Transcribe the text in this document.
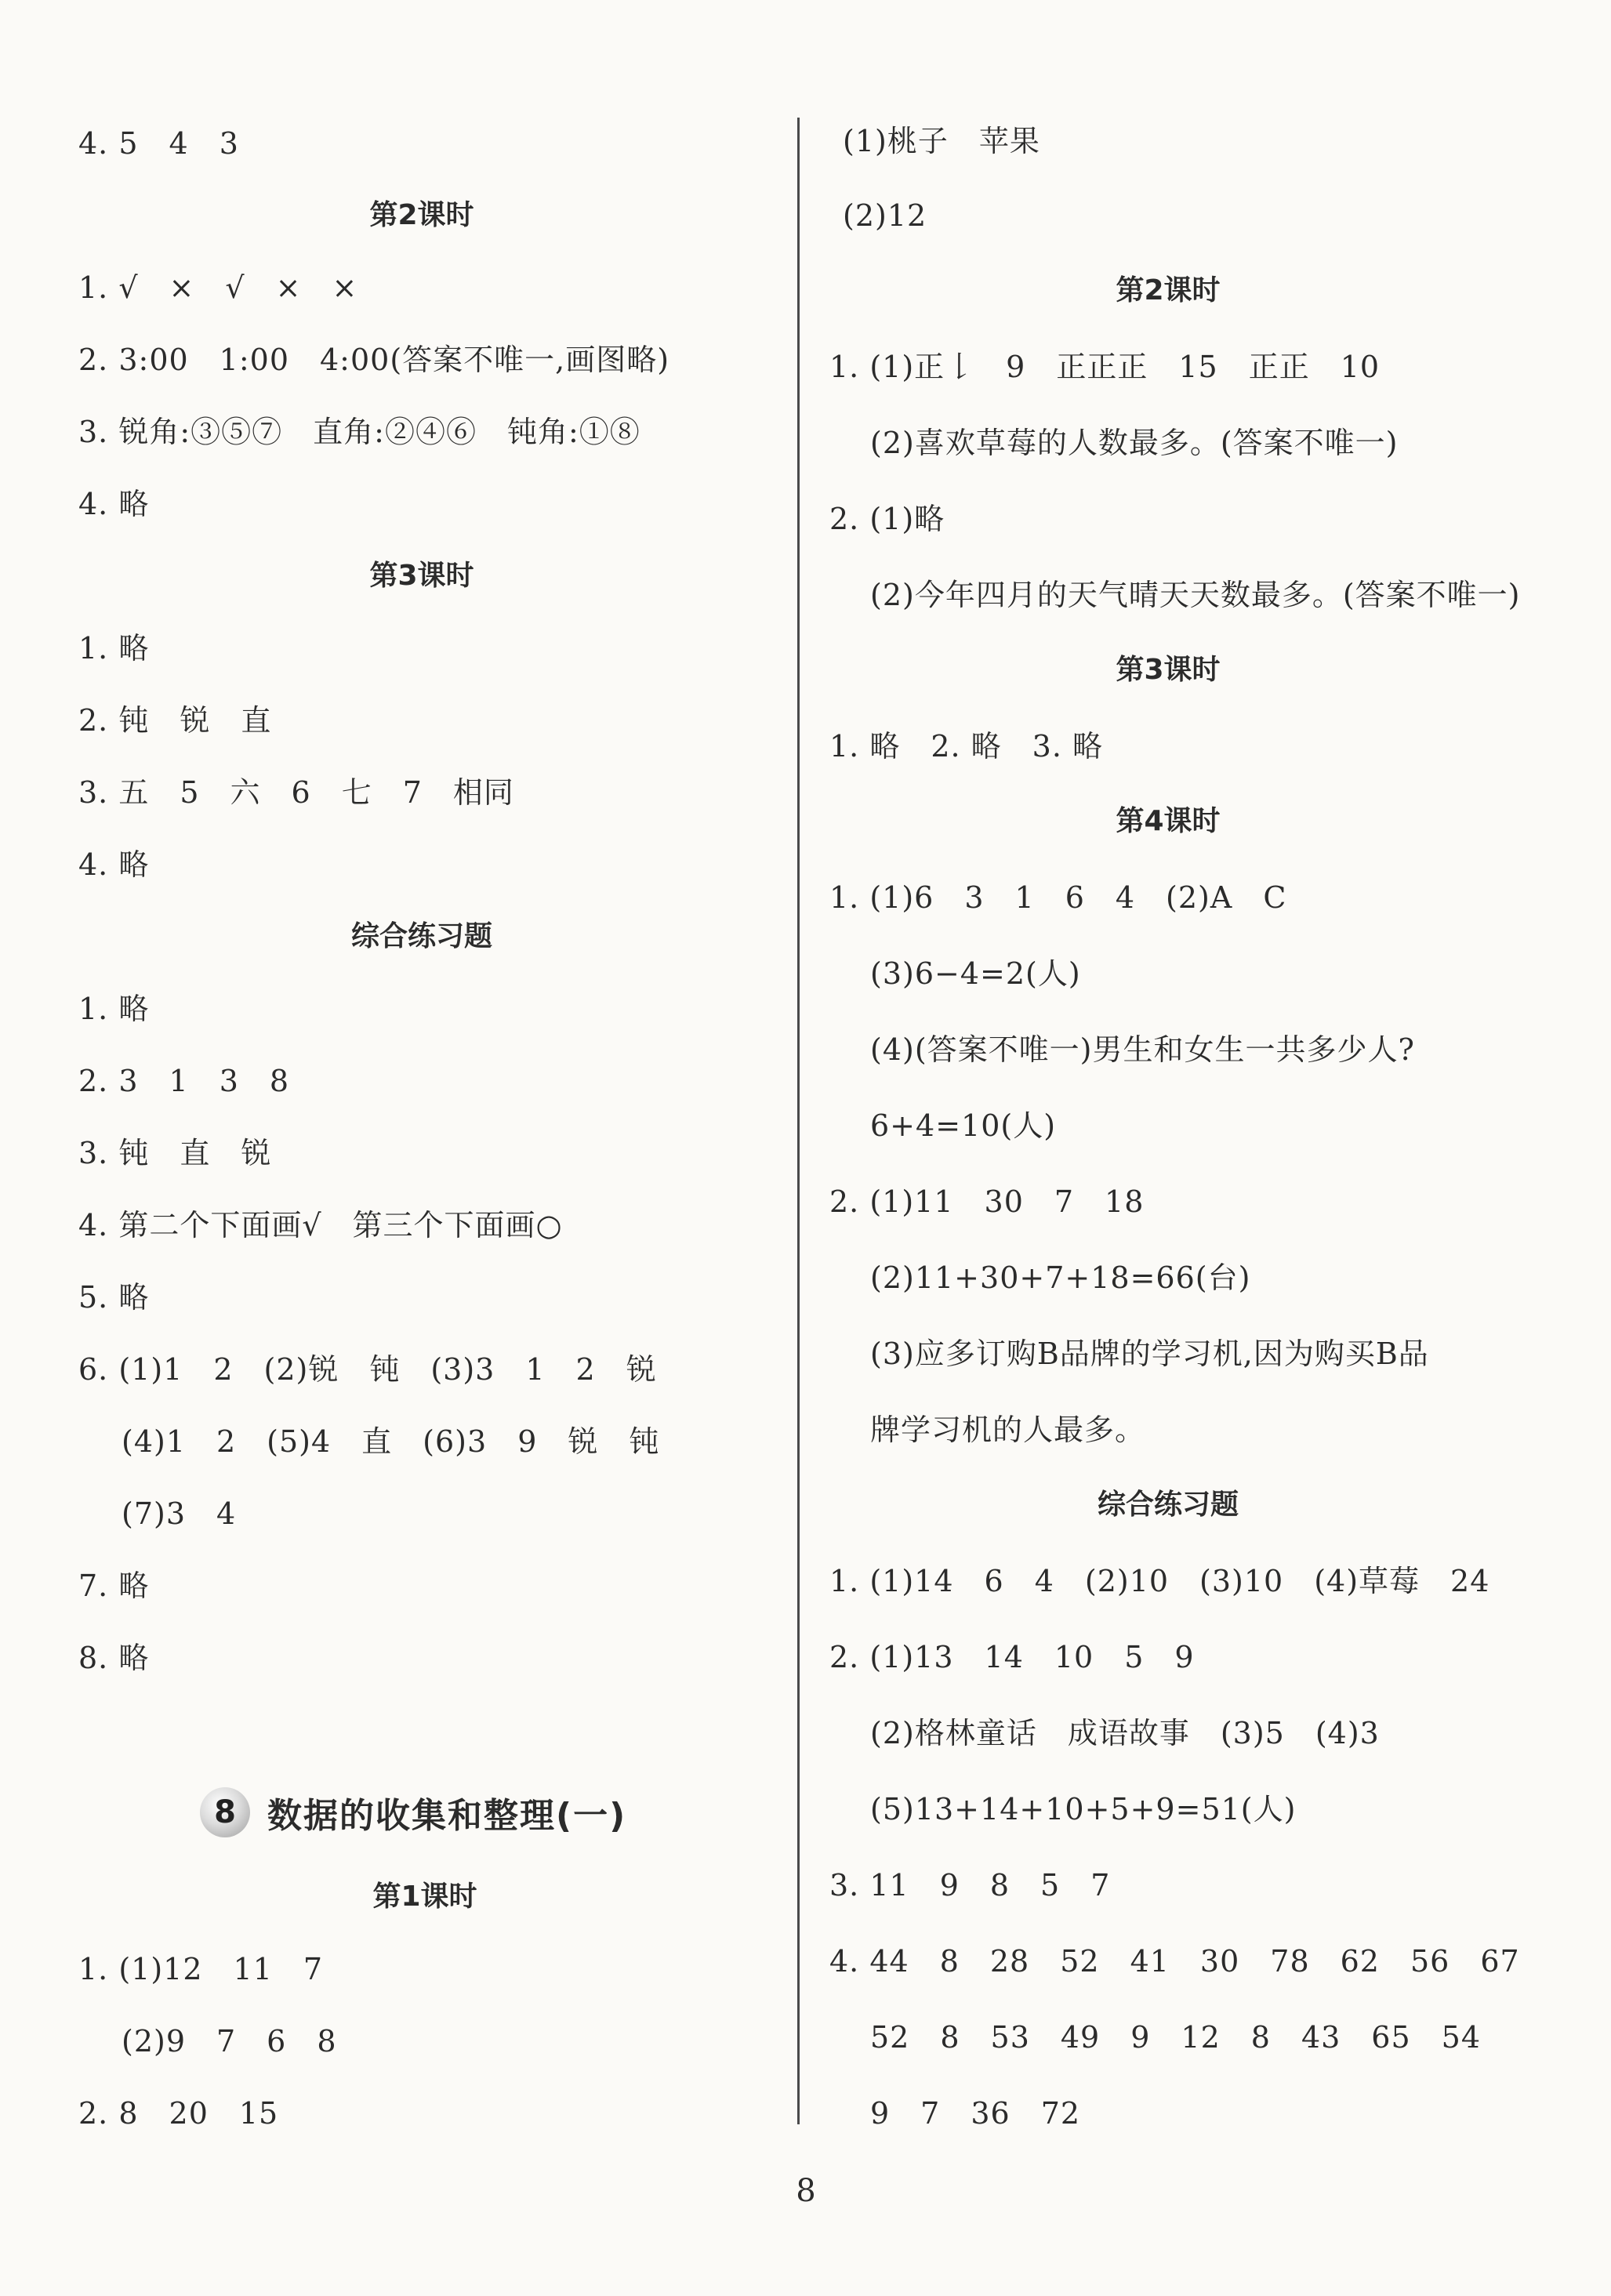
4. 5　4　3
第2课时
1. √　×　√　×　×
2. 3:00　1:00　4:00(答案不唯一,画图略)
3. 锐角:③⑤⑦　直角:②④⑥　钝角:①⑧
4. 略
第3课时
1. 略
2. 钝　锐　直
3. 五　5　六　6　七　7　相同
4. 略
综合练习题
1. 略
2. 3　1　3　8
3. 钝　直　锐
4. 第二个下面画√　第三个下面画○
5. 略
6. (1)1　2　(2)锐　钝　(3)3　1　2　锐
(4)1　2　(5)4　直　(6)3　9　锐　钝
(7)3　4
7. 略
8. 略
8 数据的收集和整理(一)
第1课时
1. (1)12　11　7
(2)9　7　6　8
2. 8　20　15
(1)桃子　苹果
(2)12
第2课时
1. (1)正𠄌　9　正正正　15　正正　10
(2)喜欢草莓的人数最多。(答案不唯一)
2. (1)略
(2)今年四月的天气晴天天数最多。(答案不唯一)
第3课时
1. 略　2. 略　3. 略
第4课时
1. (1)6　3　1　6　4　(2)A　C
(3)6−4=2(人)
(4)(答案不唯一)男生和女生一共多少人?
6+4=10(人)
2. (1)11　30　7　18
(2)11+30+7+18=66(台)
(3)应多订购B品牌的学习机,因为购买B品
牌学习机的人最多。
综合练习题
1. (1)14　6　4　(2)10　(3)10　(4)草莓　24
2. (1)13　14　10　5　9
(2)格林童话　成语故事　(3)5　(4)3
(5)13+14+10+5+9=51(人)
3. 11　9　8　5　7
4. 44　8　28　52　41　30　78　62　56　67
52　8　53　49　9　12　8　43　65　54
9　7　36　72
8
